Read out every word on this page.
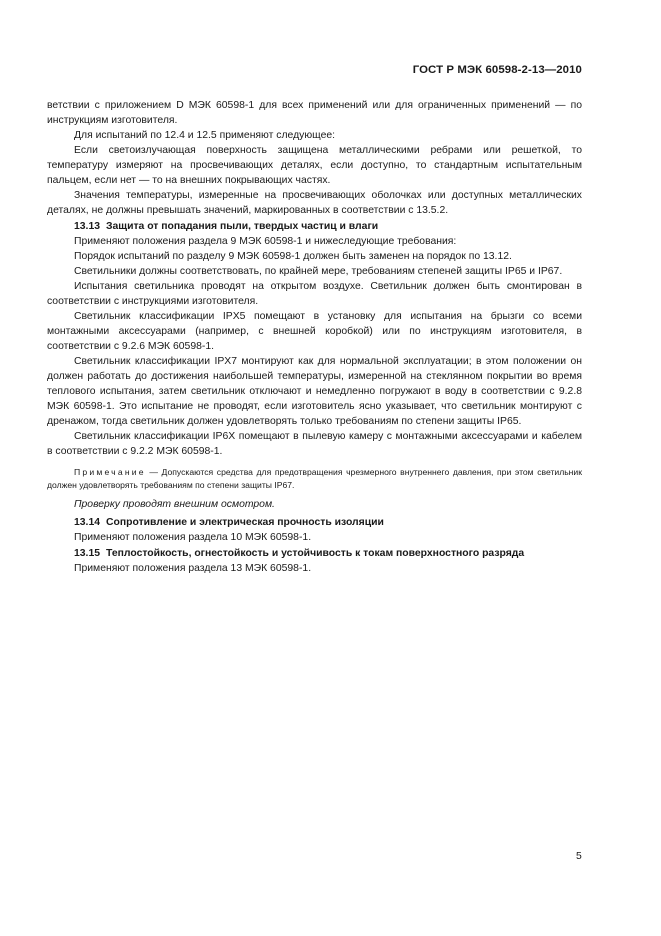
ГОСТ Р МЭК 60598-2-13—2010

ветствии с приложением D МЭК 60598-1 для всех применений или для ограниченных применений — по инструкциям изготовителя.

Для испытаний по 12.4 и 12.5 применяют следующее:

Если светоизлучающая поверхность защищена металлическими ребрами или решеткой, то температуру измеряют на просвечивающих деталях, если доступно, то стандартным испытательным пальцем, если нет — то на внешних покрывающих частях.

Значения температуры, измеренные на просвечивающих оболочках или доступных металлических деталях, не должны превышать значений, маркированных в соответствии с 13.5.2.

13.13 Защита от попадания пыли, твердых частиц и влаги

Применяют положения раздела 9 МЭК 60598-1 и нижеследующие требования:

Порядок испытаний по разделу 9 МЭК 60598-1 должен быть заменен на порядок по 13.12.

Светильники должны соответствовать, по крайней мере, требованиям степеней защиты IP65 и IP67.

Испытания светильника проводят на открытом воздухе. Светильник должен быть смонтирован в соответствии с инструкциями изготовителя.

Светильник классификации IPX5 помещают в установку для испытания на брызги со всеми монтажными аксессуарами (например, с внешней коробкой) или по инструкциям изготовителя, в соответствии с 9.2.6 МЭК 60598-1.

Светильник классификации IPX7 монтируют как для нормальной эксплуатации; в этом положении он должен работать до достижения наибольшей температуры, измеренной на стеклянном покрытии во время теплового испытания, затем светильник отключают и немедленно погружают в воду в соответствии с 9.2.8 МЭК 60598-1. Это испытание не проводят, если изготовитель ясно указывает, что светильник монтируют с дренажом, тогда светильник должен удовлетворять только требованиям по степени защиты IP65.

Светильник классификации IP6X помещают в пылевую камеру с монтажными аксессуарами и кабелем в соответствии с 9.2.2 МЭК 60598-1.

Примечание — Допускаются средства для предотвращения чрезмерного внутреннего давления, при этом светильник должен удовлетворять требованиям по степени защиты IP67.

Проверку проводят внешним осмотром.

13.14 Сопротивление и электрическая прочность изоляции

Применяют положения раздела 10 МЭК 60598-1.

13.15 Теплостойкость, огнестойкость и устойчивость к токам поверхностного разряда

Применяют положения раздела 13 МЭК 60598-1.

5
